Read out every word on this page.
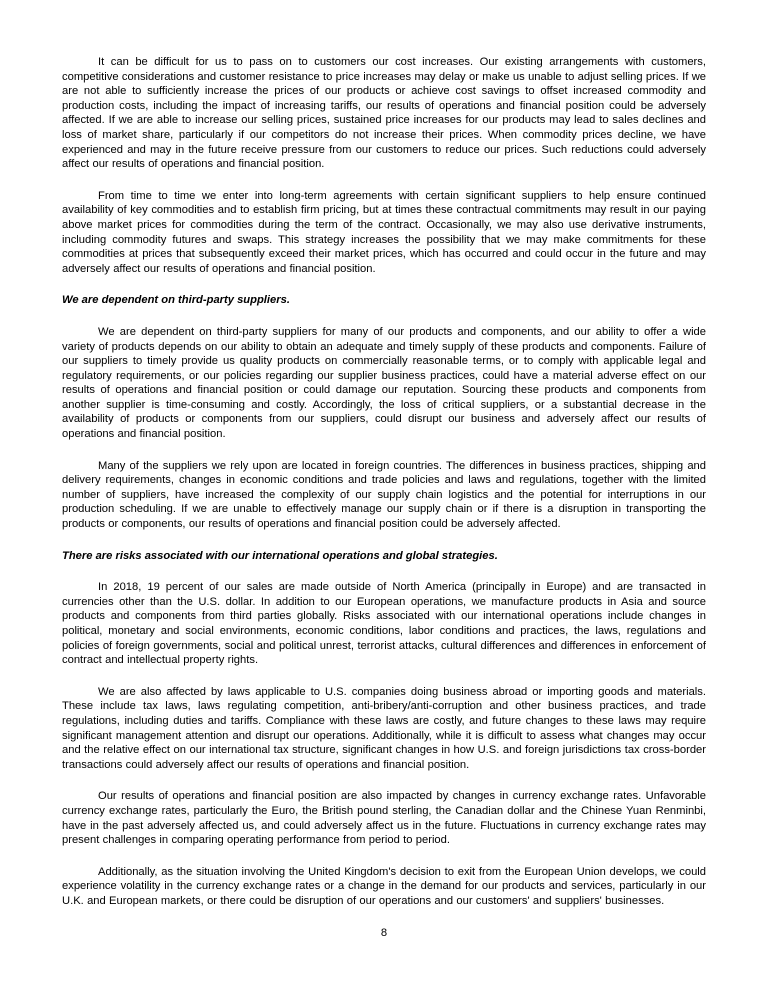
It can be difficult for us to pass on to customers our cost increases. Our existing arrangements with customers, competitive considerations and customer resistance to price increases may delay or make us unable to adjust selling prices. If we are not able to sufficiently increase the prices of our products or achieve cost savings to offset increased commodity and production costs, including the impact of increasing tariffs, our results of operations and financial position could be adversely affected. If we are able to increase our selling prices, sustained price increases for our products may lead to sales declines and loss of market share, particularly if our competitors do not increase their prices. When commodity prices decline, we have experienced and may in the future receive pressure from our customers to reduce our prices. Such reductions could adversely affect our results of operations and financial position.

From time to time we enter into long-term agreements with certain significant suppliers to help ensure continued availability of key commodities and to establish firm pricing, but at times these contractual commitments may result in our paying above market prices for commodities during the term of the contract. Occasionally, we may also use derivative instruments, including commodity futures and swaps. This strategy increases the possibility that we may make commitments for these commodities at prices that subsequently exceed their market prices, which has occurred and could occur in the future and may adversely affect our results of operations and financial position.

We are dependent on third-party suppliers.

We are dependent on third-party suppliers for many of our products and components, and our ability to offer a wide variety of products depends on our ability to obtain an adequate and timely supply of these products and components. Failure of our suppliers to timely provide us quality products on commercially reasonable terms, or to comply with applicable legal and regulatory requirements, or our policies regarding our supplier business practices, could have a material adverse effect on our results of operations and financial position or could damage our reputation. Sourcing these products and components from another supplier is time-consuming and costly. Accordingly, the loss of critical suppliers, or a substantial decrease in the availability of products or components from our suppliers, could disrupt our business and adversely affect our results of operations and financial position.

Many of the suppliers we rely upon are located in foreign countries. The differences in business practices, shipping and delivery requirements, changes in economic conditions and trade policies and laws and regulations, together with the limited number of suppliers, have increased the complexity of our supply chain logistics and the potential for interruptions in our production scheduling. If we are unable to effectively manage our supply chain or if there is a disruption in transporting the products or components, our results of operations and financial position could be adversely affected.

There are risks associated with our international operations and global strategies.

In 2018, 19 percent of our sales are made outside of North America (principally in Europe) and are transacted in currencies other than the U.S. dollar. In addition to our European operations, we manufacture products in Asia and source products and components from third parties globally. Risks associated with our international operations include changes in political, monetary and social environments, economic conditions, labor conditions and practices, the laws, regulations and policies of foreign governments, social and political unrest, terrorist attacks, cultural differences and differences in enforcement of contract and intellectual property rights.

We are also affected by laws applicable to U.S. companies doing business abroad or importing goods and materials. These include tax laws, laws regulating competition, anti-bribery/anti-corruption and other business practices, and trade regulations, including duties and tariffs. Compliance with these laws are costly, and future changes to these laws may require significant management attention and disrupt our operations. Additionally, while it is difficult to assess what changes may occur and the relative effect on our international tax structure, significant changes in how U.S. and foreign jurisdictions tax cross-border transactions could adversely affect our results of operations and financial position.

Our results of operations and financial position are also impacted by changes in currency exchange rates. Unfavorable currency exchange rates, particularly the Euro, the British pound sterling, the Canadian dollar and the Chinese Yuan Renminbi, have in the past adversely affected us, and could adversely affect us in the future. Fluctuations in currency exchange rates may present challenges in comparing operating performance from period to period.

Additionally, as the situation involving the United Kingdom's decision to exit from the European Union develops, we could experience volatility in the currency exchange rates or a change in the demand for our products and services, particularly in our U.K. and European markets, or there could be disruption of our operations and our customers' and suppliers' businesses.

8
